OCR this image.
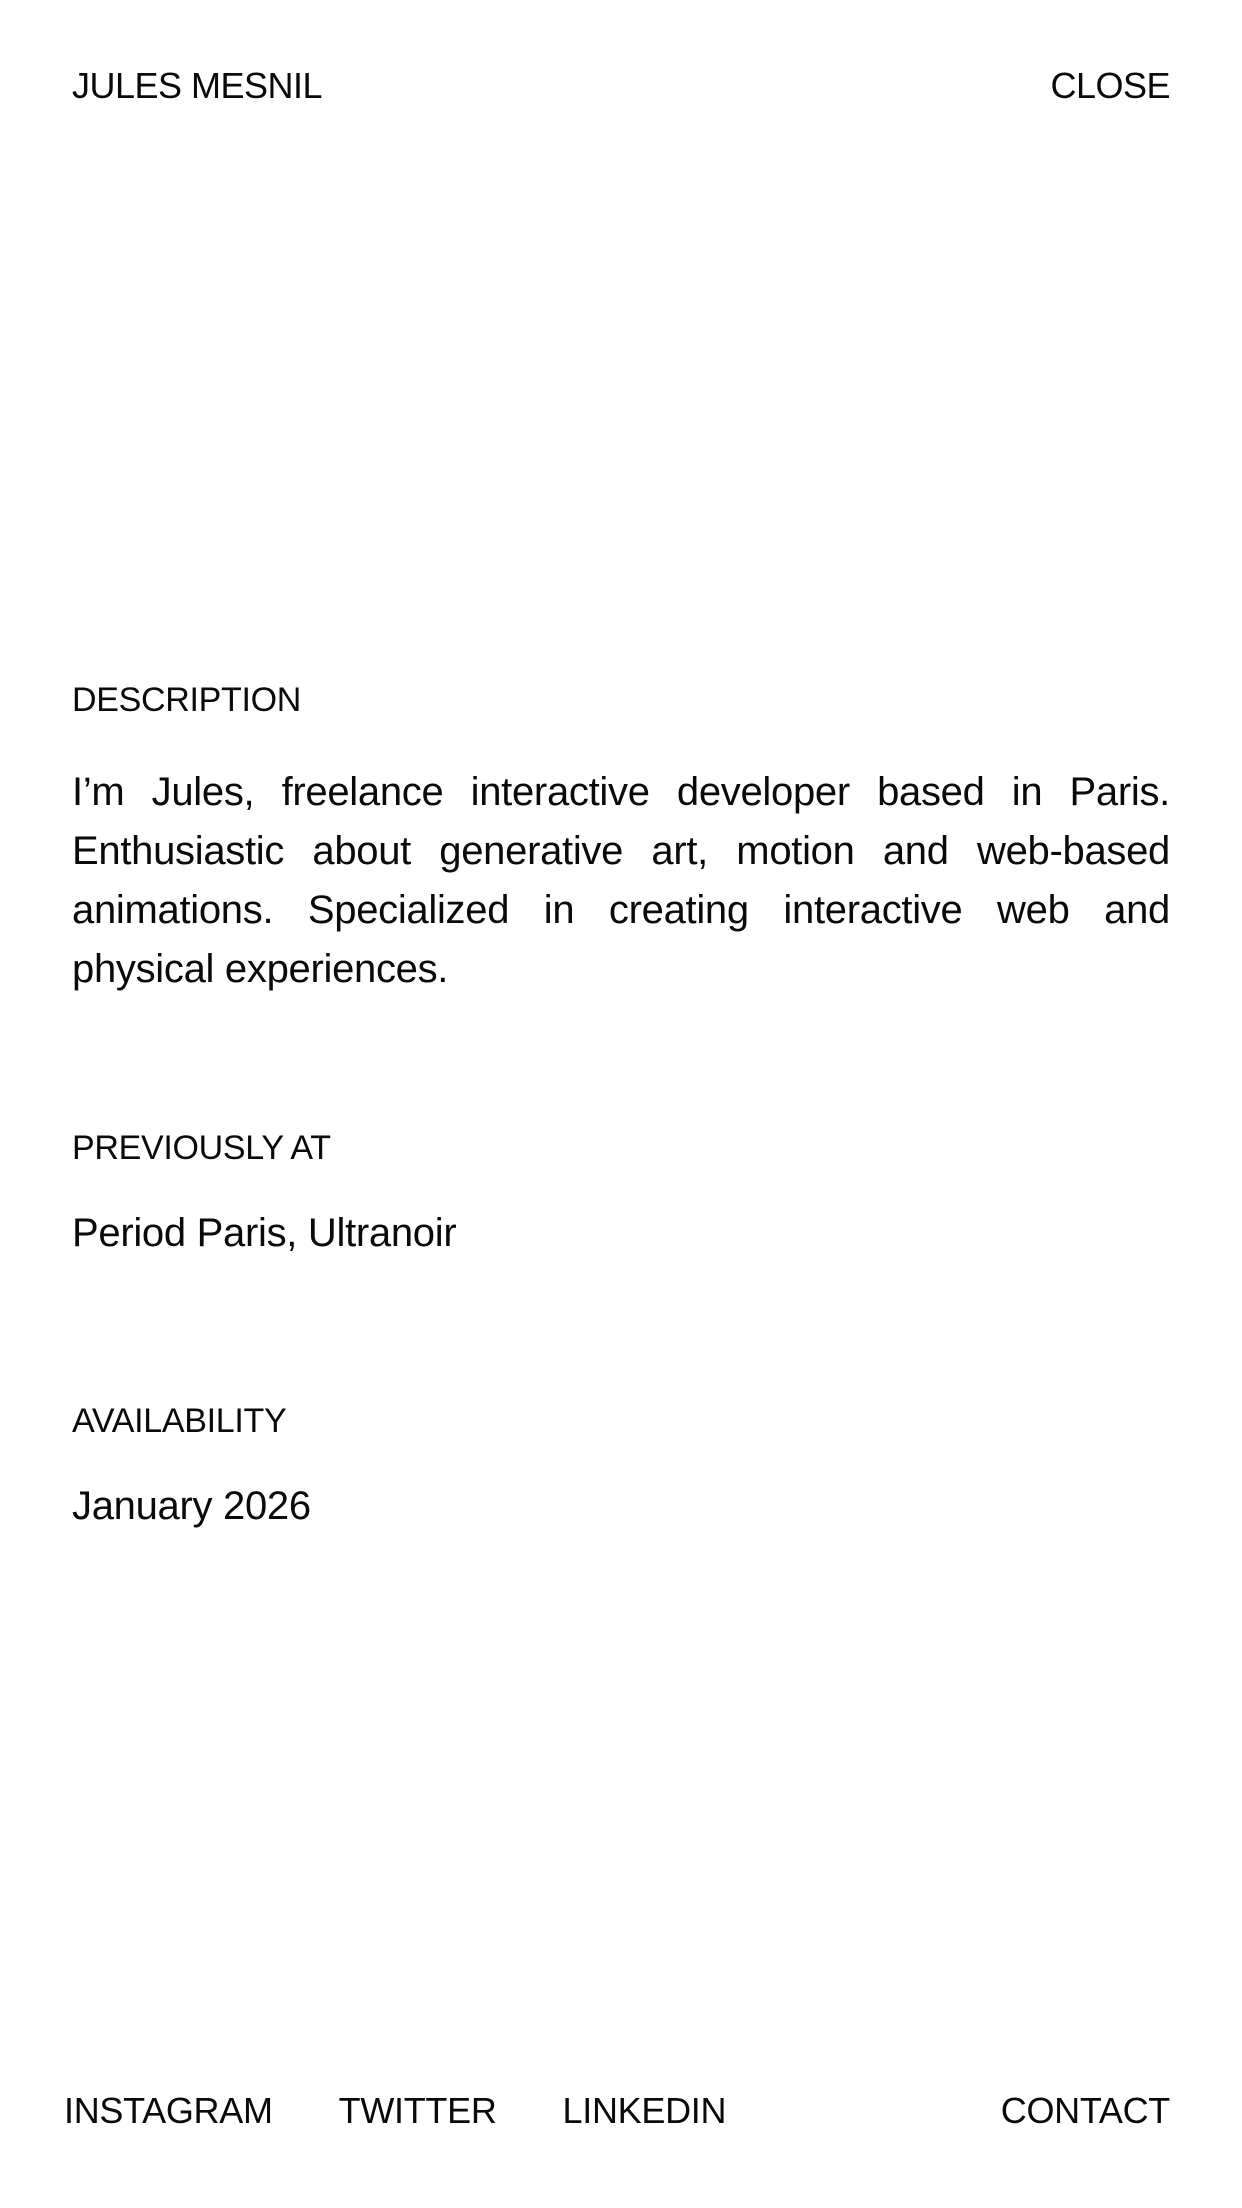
JULES MESNIL	CLOSE
DESCRIPTION

I’m Jules, freelance interactive developer based in Paris. Enthusiastic about generative art, motion and web-based animations. Specialized in creating interactive web and physical experiences.

PREVIOUSLY AT

Period Paris, Ultranoir

AVAILABILITY

January 2026

INSTAGRAM TWITTER LINKEDIN	CONTACT
